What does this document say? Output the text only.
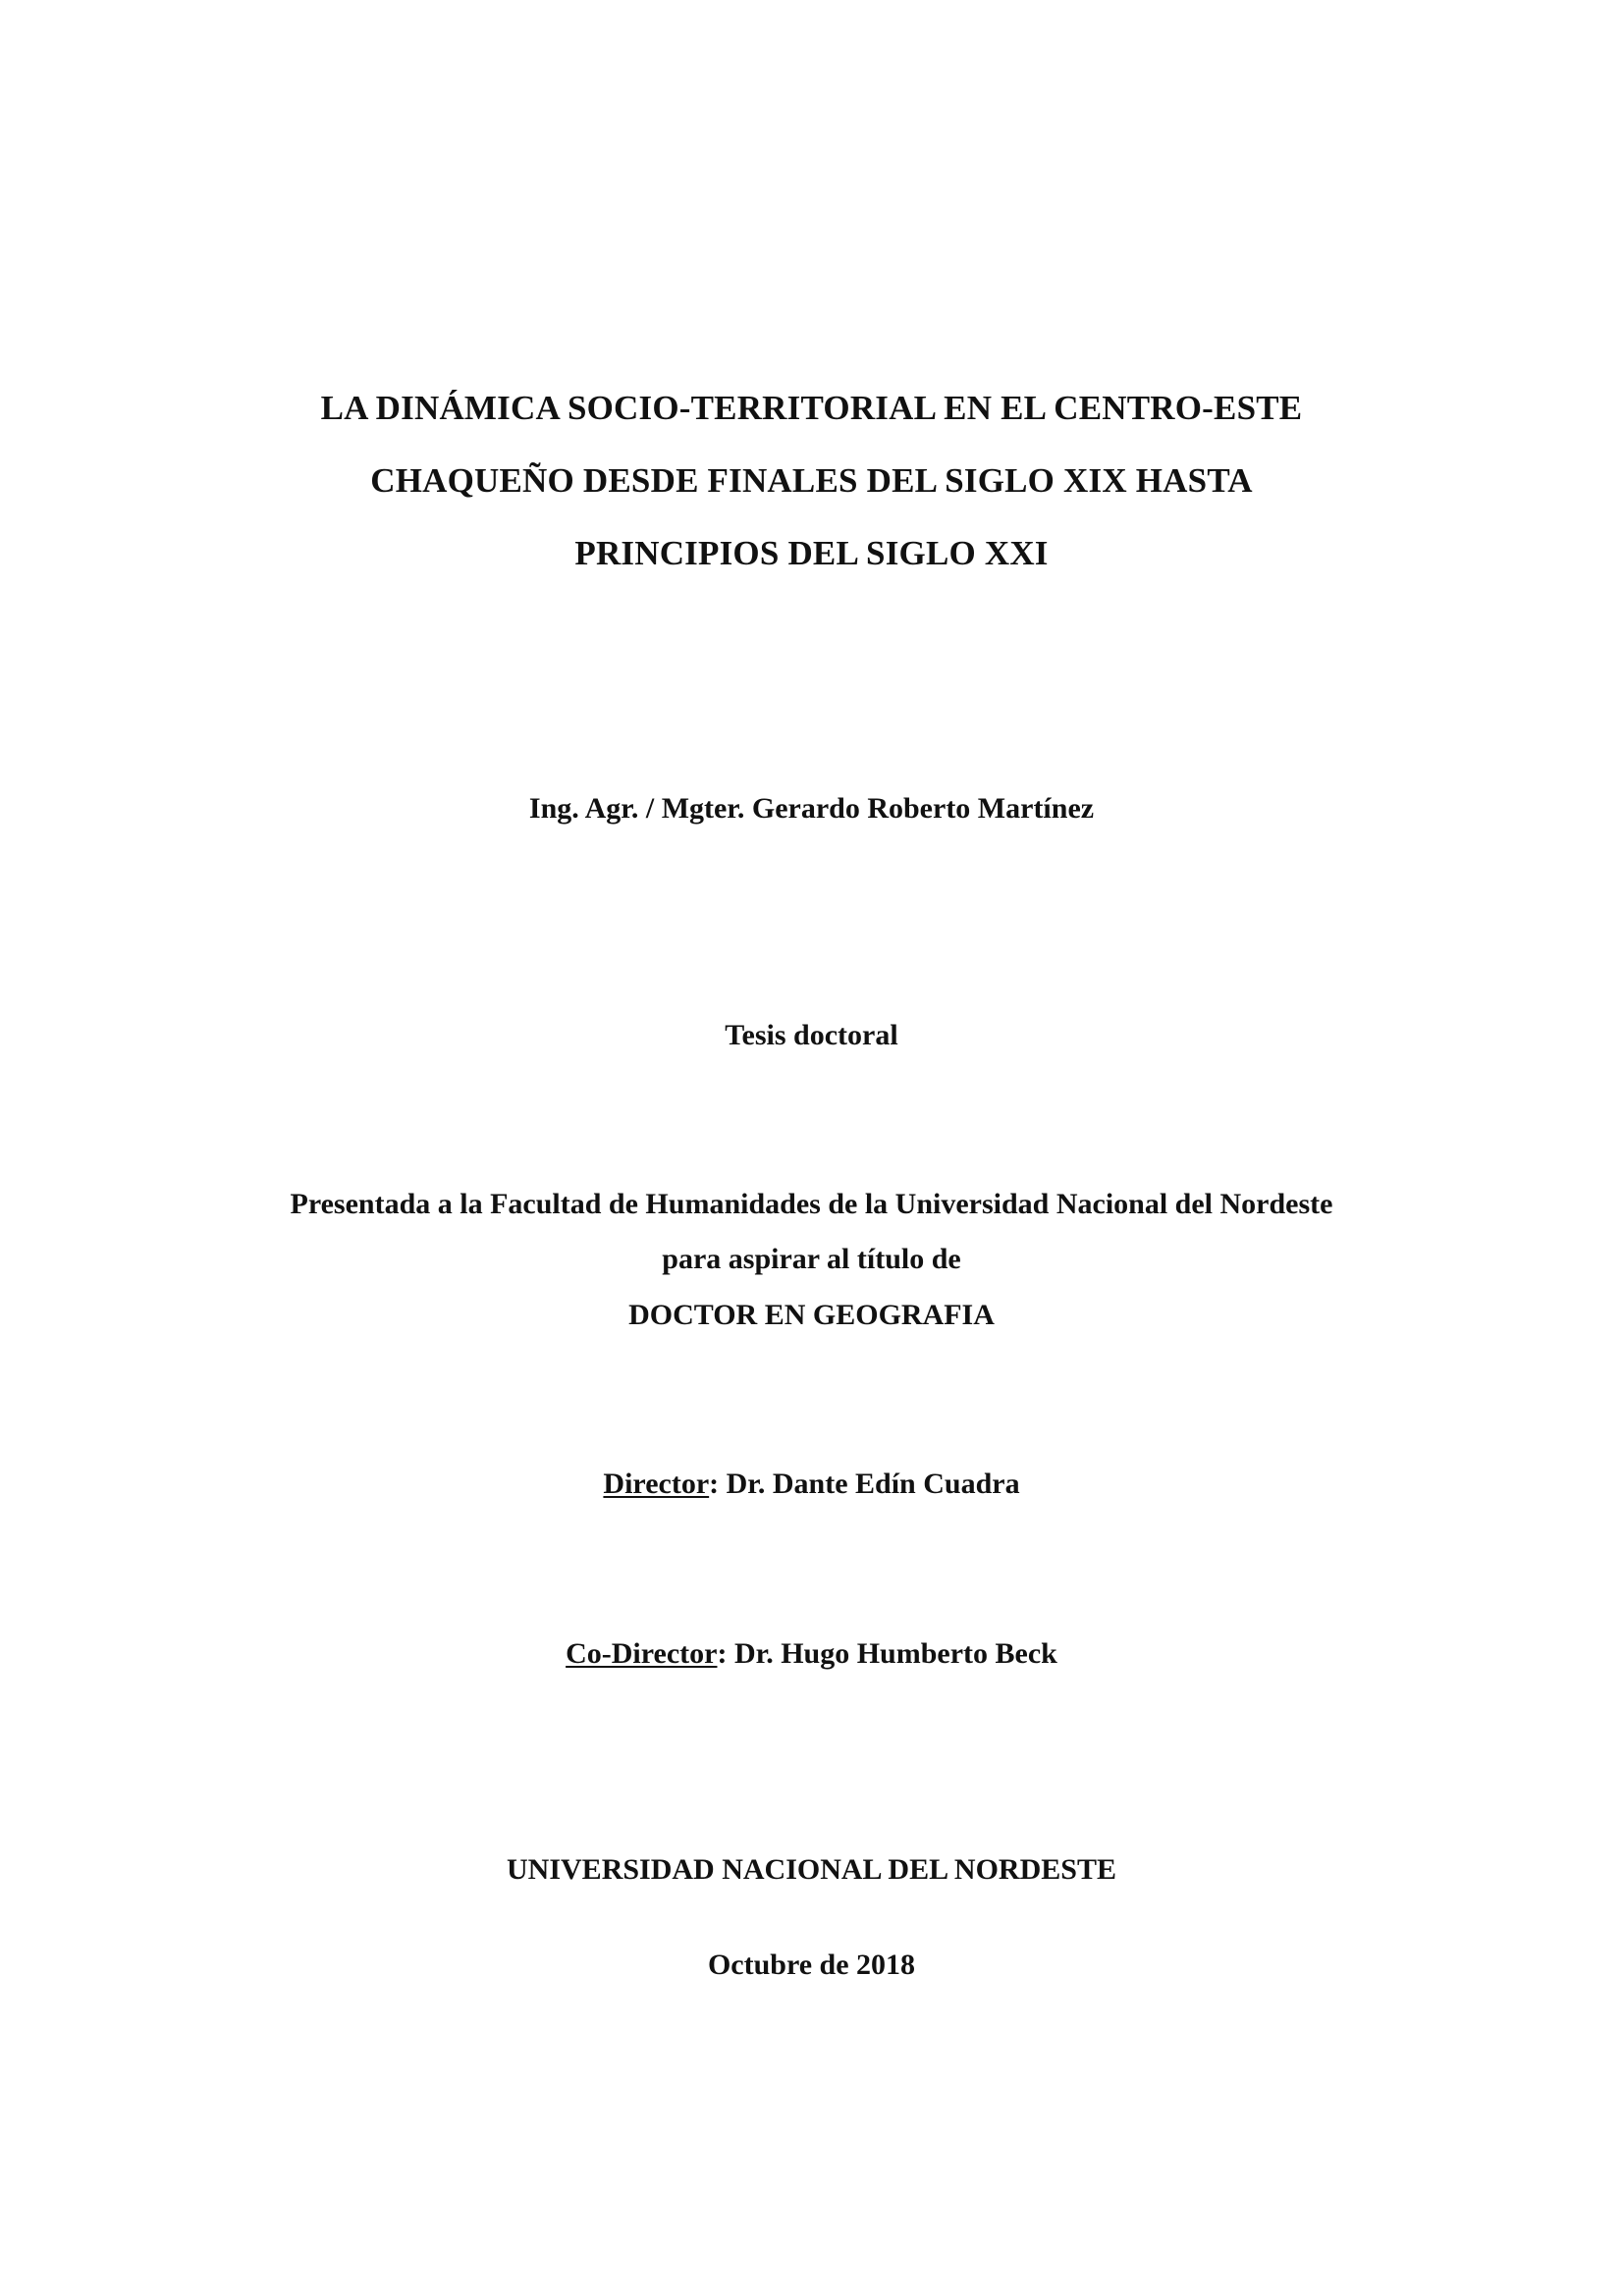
LA DINÁMICA SOCIO-TERRITORIAL EN EL CENTRO-ESTE
CHAQUEÑO DESDE FINALES DEL SIGLO XIX HASTA
PRINCIPIOS DEL SIGLO XXI
Ing. Agr. / Mgter. Gerardo Roberto Martínez
Tesis doctoral
Presentada a la Facultad de Humanidades de la Universidad Nacional del Nordeste
para aspirar al título de
DOCTOR EN GEOGRAFIA
Director: Dr. Dante Edín Cuadra
Co-Director: Dr. Hugo Humberto Beck
UNIVERSIDAD NACIONAL DEL NORDESTE
Octubre de 2018
